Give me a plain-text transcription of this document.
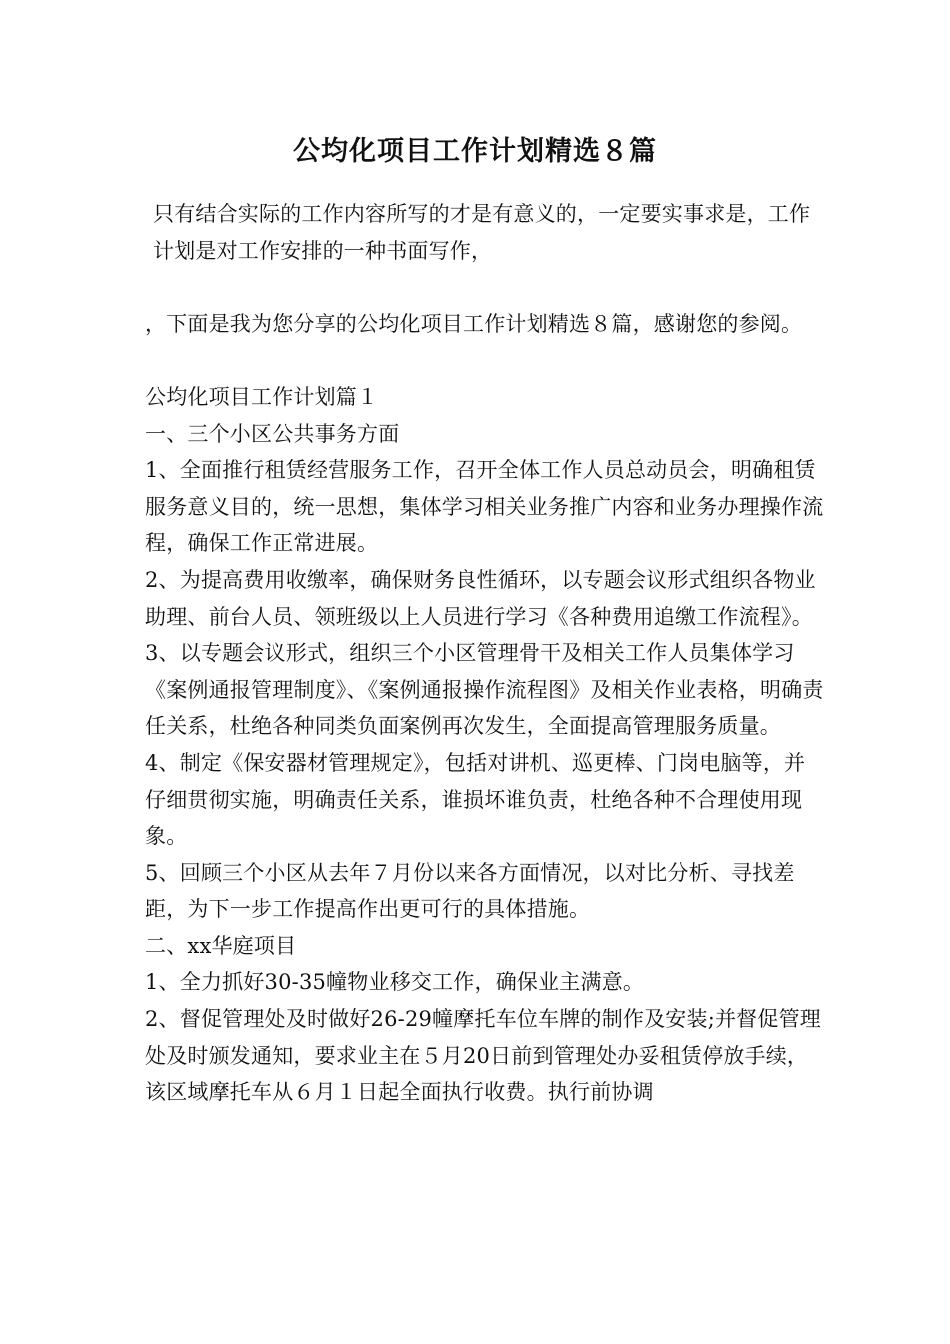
公均化项目工作计划精选８篇

只有结合实际的工作内容所写的才是有意义的，一定要实事求是，工作计划是对工作安排的一种书面写作，

，下面是我为您分享的公均化项目工作计划精选８篇，感谢您的参阅。

公均化项目工作计划篇１

一、三个小区公共事务方面

1、全面推行租赁经营服务工作，召开全体工作人员总动员会，明确租赁服务意义目的，统一思想，集体学习相关业务推广内容和业务办理操作流程，确保工作正常进展。

2、为提高费用收缴率，确保财务良性循环，以专题会议形式组织各物业助理、前台人员、领班级以上人员进行学习《各种费用追缴工作流程》。

3、以专题会议形式，组织三个小区管理骨干及相关工作人员集体学习《案例通报管理制度》、《案例通报操作流程图》及相关作业表格，明确责任关系，杜绝各种同类负面案例再次发生，全面提高管理服务质量。

4、制定《保安器材管理规定》，包括对讲机、巡更棒、门岗电脑等，并仔细贯彻实施，明确责任关系，谁损坏谁负责，杜绝各种不合理使用现象。

5、回顾三个小区从去年７月份以来各方面情况，以对比分析、寻找差距，为下一步工作提高作出更可行的具体措施。

二、xx华庭项目

1、全力抓好30-35幢物业移交工作，确保业主满意。

2、督促管理处及时做好26-29幢摩托车位车牌的制作及安装;并督促管理处及时颁发通知，要求业主在５月20日前到管理处办妥租赁停放手续，该区域摩托车从６月１日起全面执行收费。执行前协调
